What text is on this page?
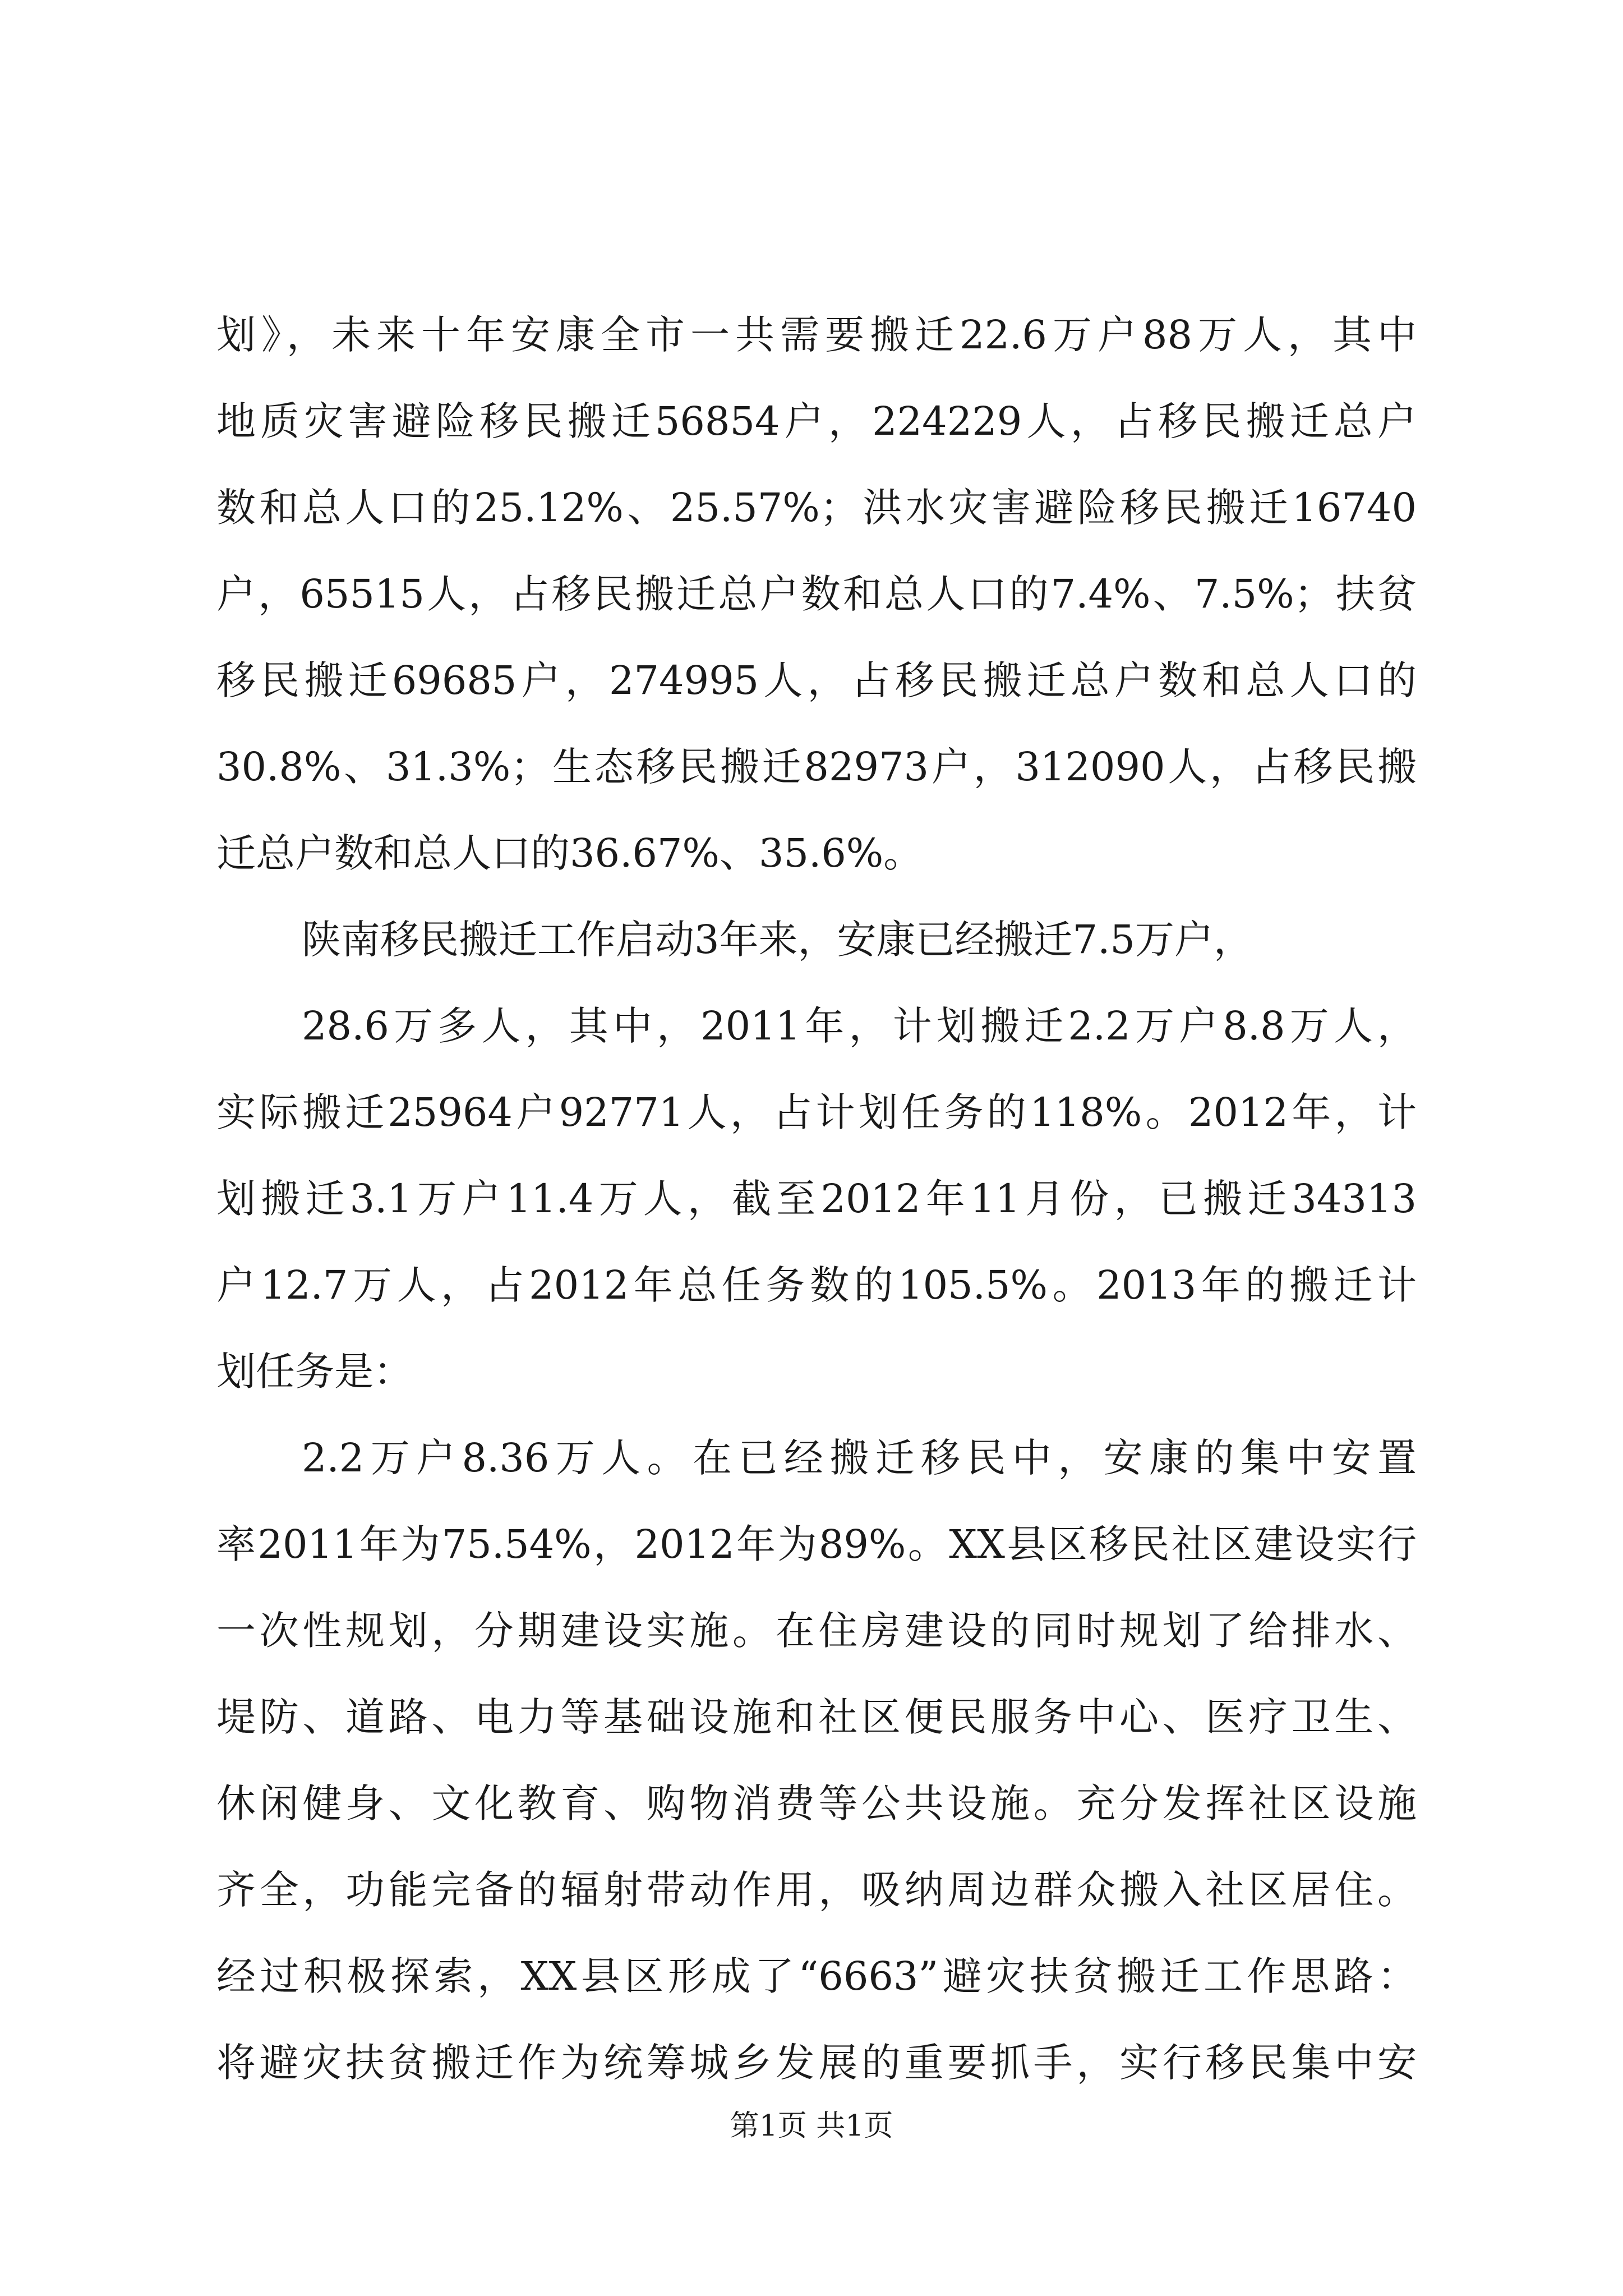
划》，未来十年安康全市一共需要搬迁22.6万户88万人，其中
地质灾害避险移民搬迁56854户，224229人，占移民搬迁总户
数和总人口的25.12%、25.57%；洪水灾害避险移民搬迁16740
户，65515人，占移民搬迁总户数和总人口的7.4%、7.5%；扶贫
移民搬迁69685户，274995人，占移民搬迁总户数和总人口的
30.8%、31.3%；生态移民搬迁82973户，312090人，占移民搬
迁总户数和总人口的36.67%、35.6%。
陕南移民搬迁工作启动3年来，安康已经搬迁7.5万户，
28.6万多人，其中，2011年，计划搬迁2.2万户8.8万人，
实际搬迁25964户92771人，占计划任务的118%。2012年，计
划搬迁3.1万户11.4万人，截至2012年11月份，已搬迁34313
户12.7万人，占2012年总任务数的105.5%。2013年的搬迁计
划任务是：
2.2万户8.36万人。在已经搬迁移民中，安康的集中安置
率2011年为75.54%，2012年为89%。XX县区移民社区建设实行
一次性规划，分期建设实施。在住房建设的同时规划了给排水、
堤防、道路、电力等基础设施和社区便民服务中心、医疗卫生、
休闲健身、文化教育、购物消费等公共设施。充分发挥社区设施
齐全，功能完备的辐射带动作用，吸纳周边群众搬入社区居住。
经过积极探索，XX县区形成了“6663”避灾扶贫搬迁工作思路：
将避灾扶贫搬迁作为统筹城乡发展的重要抓手，实行移民集中安
第1页 共1页
